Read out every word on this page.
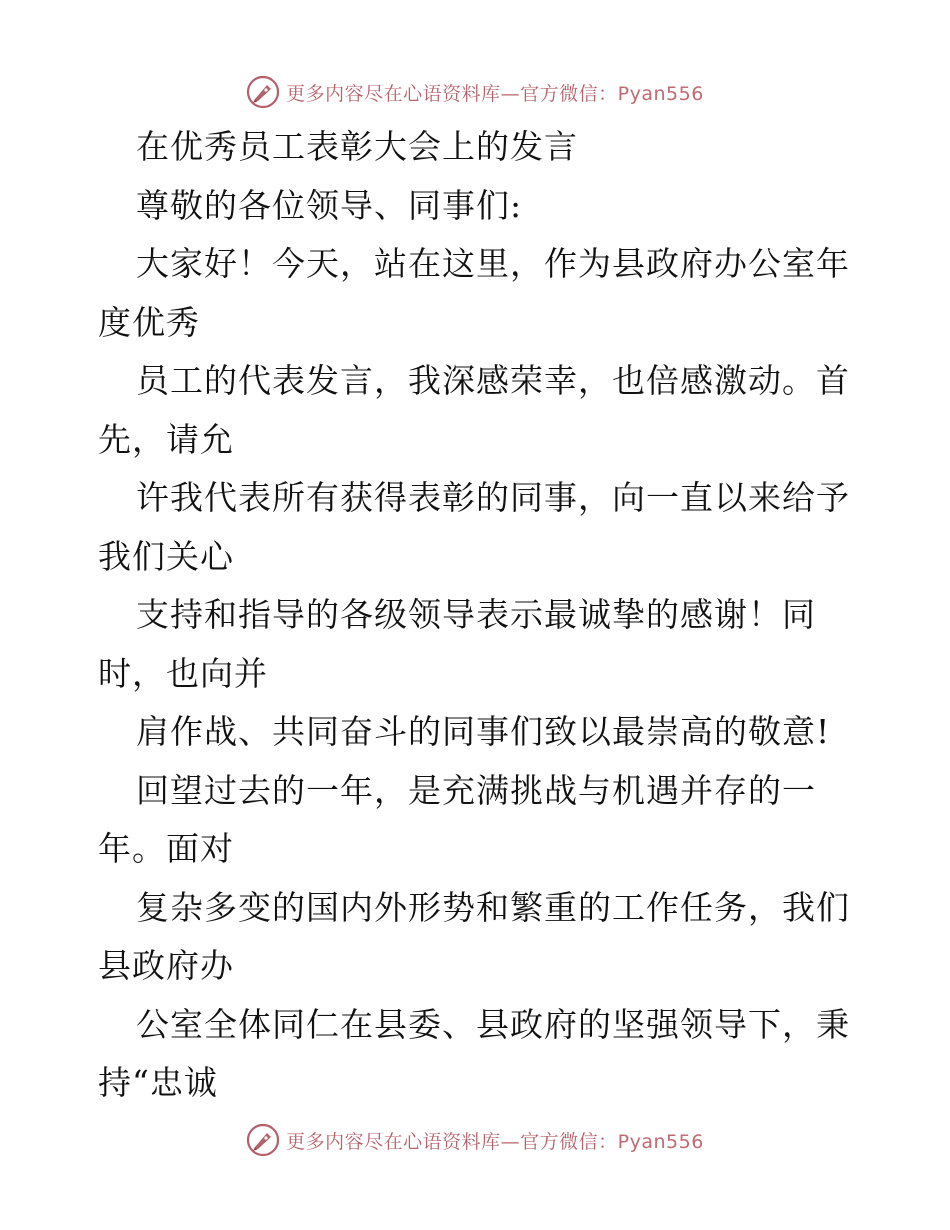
更多内容尽在心语资料库—官方微信：Pyan556
在优秀员工表彰大会上的发言
尊敬的各位领导、同事们:
大家好！今天，站在这里，作为县政府办公室年
度优秀
员工的代表发言，我深感荣幸，也倍感激动。首
先，请允
许我代表所有获得表彰的同事，向一直以来给予
我们关心
支持和指导的各级领导表示最诚挚的感谢！同
时，也向并
肩作战、共同奋斗的同事们致以最崇高的敬意!
回望过去的一年，是充满挑战与机遇并存的一
年。面对
复杂多变的国内外形势和繁重的工作任务，我们
县政府办
公室全体同仁在县委、县政府的坚强领导下，秉
持“忠诚
更多内容尽在心语资料库—官方微信：Pyan556
